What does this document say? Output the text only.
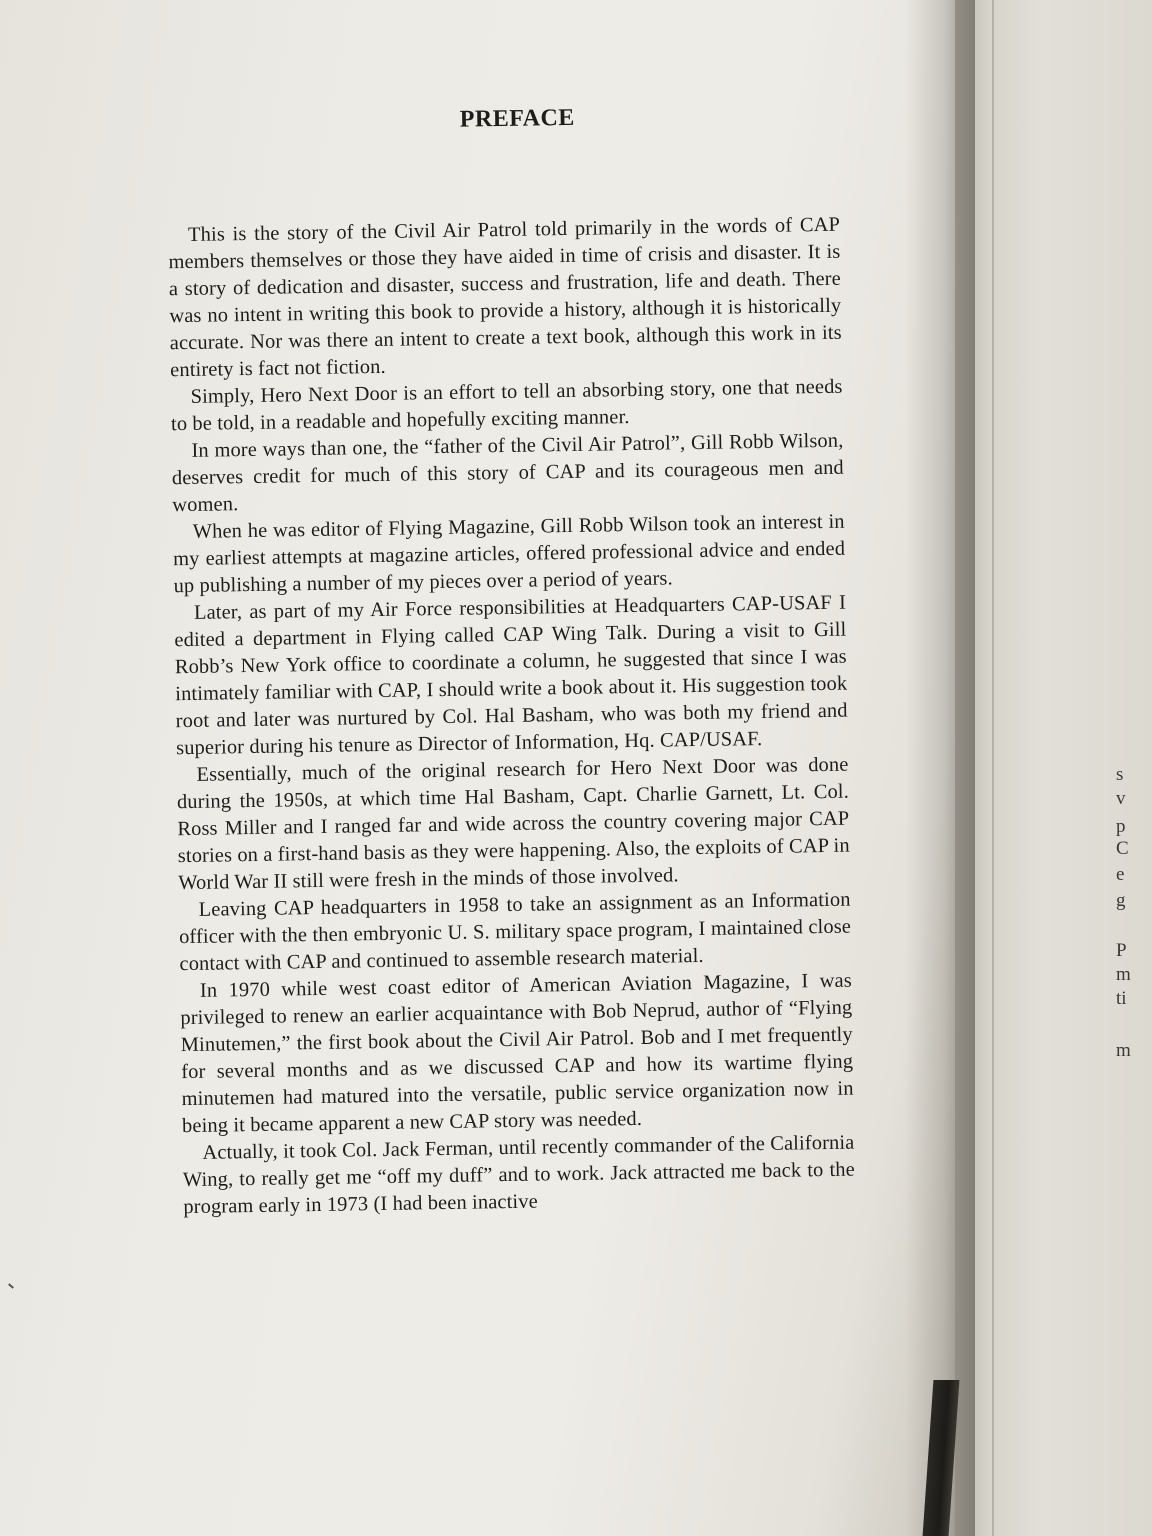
s
v
p
C
e
g
P
m
ti
m
PREFACE

This is the story of the Civil Air Patrol told primarily in the words of CAP members themselves or those they have aided in time of crisis and disaster. It is a story of dedication and disaster, success and frustration, life and death. There was no intent in writing this book to provide a history, although it is historically accurate. Nor was there an intent to create a text book, although this work in its entirety is fact not fiction.

Simply, Hero Next Door is an effort to tell an absorbing story, one that needs to be told, in a readable and hopefully exciting manner.

In more ways than one, the “father of the Civil Air Patrol”, Gill Robb Wilson, deserves credit for much of this story of CAP and its courageous men and women.

When he was editor of Flying Magazine, Gill Robb Wilson took an interest in my earliest attempts at magazine articles, offered professional advice and ended up publishing a number of my pieces over a period of years.

Later, as part of my Air Force responsibilities at Headquarters CAP-USAF I edited a department in Flying called CAP Wing Talk. During a visit to Gill Robb’s New York office to coordinate a column, he suggested that since I was intimately familiar with CAP, I should write a book about it. His suggestion took root and later was nurtured by Col. Hal Basham, who was both my friend and superior during his tenure as Director of Information, Hq. CAP/USAF.

Essentially, much of the original research for Hero Next Door was done during the 1950s, at which time Hal Basham, Capt. Charlie Garnett, Lt. Col. Ross Miller and I ranged far and wide across the country covering major CAP stories on a first-hand basis as they were happening. Also, the exploits of CAP in World War II still were fresh in the minds of those involved.

Leaving CAP headquarters in 1958 to take an assignment as an Information officer with the then embryonic U. S. military space program, I maintained close contact with CAP and continued to assemble research material.

In 1970 while west coast editor of American Aviation Magazine, I was privileged to renew an earlier acquaintance with Bob Neprud, author of “Flying Minutemen,” the first book about the Civil Air Patrol. Bob and I met frequently for several months and as we discussed CAP and how its wartime flying minutemen had matured into the versatile, public service organization now in being it became apparent a new CAP story was needed.

Actually, it took Col. Jack Ferman, until recently commander of the California Wing, to really get me “off my duff” and to work. Jack attracted me back to the program early in 1973 (I had been inactive
